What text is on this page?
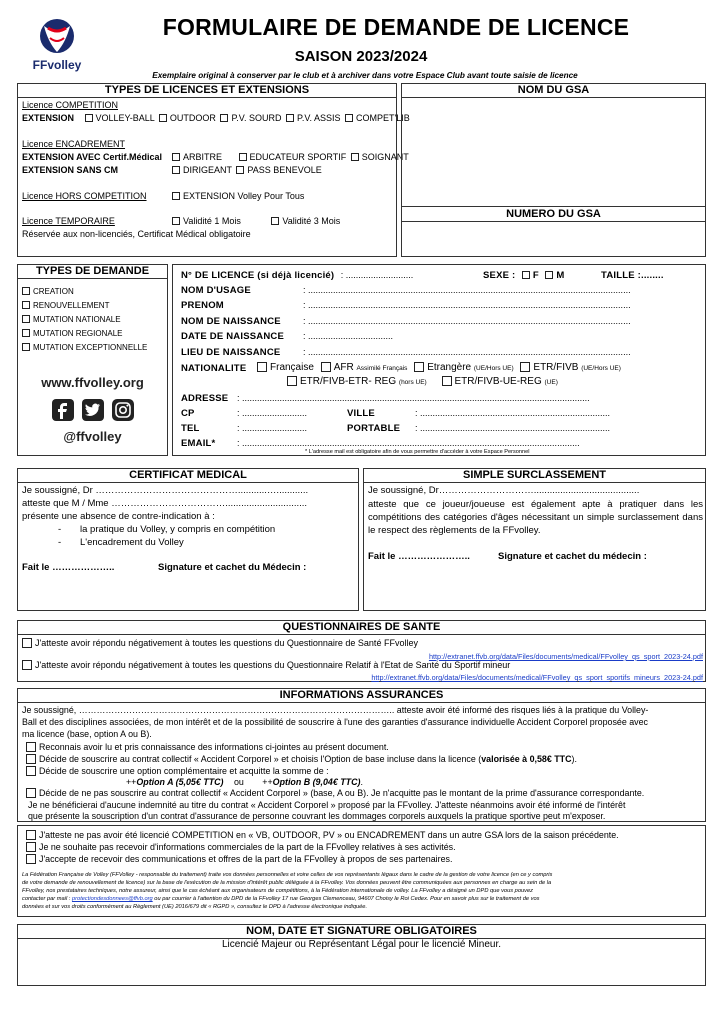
FFvolley
FORMULAIRE DE DEMANDE DE LICENCE
SAISON 2023/2024
Exemplaire original à conserver par le club et à archiver dans votre Espace Club avant toute saisie de licence
TYPES DE LICENCES ET EXTENSIONS
Licence COMPETITION
EXTENSION VOLLEY-BALL OUTDOOR P.V. SOURD P.V. ASSIS COMPET'LIB
Licence ENCADREMENT
EXTENSION AVEC Certif.Médical	ARBITRE	EDUCATEUR SPORTIF SOIGNANT
EXTENSION SANS CM	DIRIGEANT PASS BENEVOLE
Licence HORS COMPETITION	EXTENSION Volley Pour Tous
Licence TEMPORAIRE	Validité 1 Mois	Validité 3 Mois
Réservée aux non-licenciés, Certificat Médical obligatoire
NOM DU GSA
NUMERO DU GSA
TYPES DE DEMANDE
CREATION
RENOUVELLEMENT
MUTATION NATIONALE
MUTATION REGIONALE
MUTATION EXCEPTIONNELLE
www.ffvolley.org
@ffvolley
N° DE LICENCE (si déjà licencié) : ...........................	SEXE : F M	TAILLE :........
NOM D'USAGE	: .................................................................................................................................
PRENOM	: .................................................................................................................................
NOM DE NAISSANCE : .................................................................................................................................
DATE DE NAISSANCE : ..................................
LIEU DE NAISSANCE	: .................................................................................................................................
NATIONALITE	Française AFR Assimilé Français Etrangère (UE/Hors UE) ETR/FIVB (UE/Hors UE)
ETR/FIVB-ETR- REG (hors UE)	ETR/FIVB-UE-REG (UE)
ADRESSE : ...........................................................................................................................................
CP	: ..........................	VILLE	: ............................................................................
TEL	: ..........................	PORTABLE : ............................................................................
EMAIL* : .......................................................................................................................................
* L'adresse mail est obligatoire afin de vous permettre d'accéder à votre Espace Personnel
CERTIFICAT MEDICAL
Je soussigné, Dr ………………………………………...........…............
atteste que M / Mme ………………………………...............................
présente une absence de contre-indication à :
- la pratique du Volley, y compris en compétition
- L'encadrement du Volley
Fait le ………………..	Signature et cachet du Médecin :
SIMPLE SURCLASSEMENT
Je soussigné, Dr…………………………........................................
atteste que ce joueur/joueuse est également apte à pratiquer dans les compétitions des catégories d'âges nécessitant un simple surclassement dans le respect des règlements de la FFvolley.
Fait le …………………..	Signature et cachet du médecin :
QUESTIONNAIRES DE SANTE
J'atteste avoir répondu négativement à toutes les questions du Questionnaire de Santé FFvolley
http://extranet.ffvb.org/data/Files/documents/medical/FFvolley_qs_sport_2023-24.pdf
J'atteste avoir répondu négativement à toutes les questions du Questionnaire Relatif à l'Etat de Santé du Sportif mineur
http://extranet.ffvb.org/data/Files/documents/medical/FFvolley_qs_sport_sportifs_mineurs_2023-24.pdf
INFORMATIONS ASSURANCES
Je soussigné, …………………………………………………………………………………………….. atteste avoir été informé des risques liés à la pratique du Volley-
Ball et des disciplines associées, de mon intérêt et de la possibilité de souscrire à l'une des garanties d'assurance individuelle Accident Corporel proposée avec
ma licence (base, option A ou B).
Reconnais avoir lu et pris connaissance des informations ci-jointes au présent document.
Décide de souscrire au contrat collectif « Accident Corporel » et choisis l'Option de base incluse dans la licence (valorisée à 0,58€ TTC).
Décide de souscrire une option complémentaire et acquitte la somme de :
++Option A (5,05€ TTC) ou ++Option B (9,04€ TTC).
Décide de ne pas souscrire au contrat collectif « Accident Corporel » (base, A ou B). Je n'acquitte pas le montant de la prime d'assurance correspondante.
Je ne bénéficierai d'aucune indemnité au titre du contrat « Accident Corporel » proposé par la FFvolley. J'atteste néanmoins avoir été informé de l'intérêt
que présente la souscription d'un contrat d'assurance de personne couvrant les dommages corporels auxquels la pratique sportive peut m'exposer.
J'atteste ne pas avoir été licencié COMPETITION en « VB, OUTDOOR, PV » ou ENCADREMENT dans un autre GSA lors de la saison précédente.
Je ne souhaite pas recevoir d'informations commerciales de la part de la FFvolley relatives à ses activités.
J'accepte de recevoir des communications et offres de la part de la FFvolley à propos de ses partenaires.
La Fédération Française de Volley (FFVolley - responsable du traitement) traite vos données personnelles et voire celles de vos représentants légaux dans le cadre de la gestion de votre licence (en ce y compris
de votre demande de renouvellement de licence) sur la base de l'exécution de la mission d'intérêt public déléguée à la FFvolley. Vos données peuvent être communiquées aux personnes en charge au sein de la
FFvolley, nos prestataires techniques, notre assureur, ainsi que le cas échéant aux organisateurs de compétitions, à la Fédération internationale de volley. La FFvolley a désigné un DPD que vous pouvez
contacter par mail : protectiondesdonnees@ffvb.org ou par courrier à l'attention du DPD de la FFvolley 17 rue Georges Clemenceau, 94607 Choisy le Roi Cedex. Pour en savoir plus sur le traitement de vos
données et sur vos droits conformément au Règlement (UE) 2016/679 dit « RGPD », consultez le DPD à l'adresse électronique indiquée.
NOM, DATE ET SIGNATURE OBLIGATOIRES
Licencié Majeur ou Représentant Légal pour le licencié Mineur.
